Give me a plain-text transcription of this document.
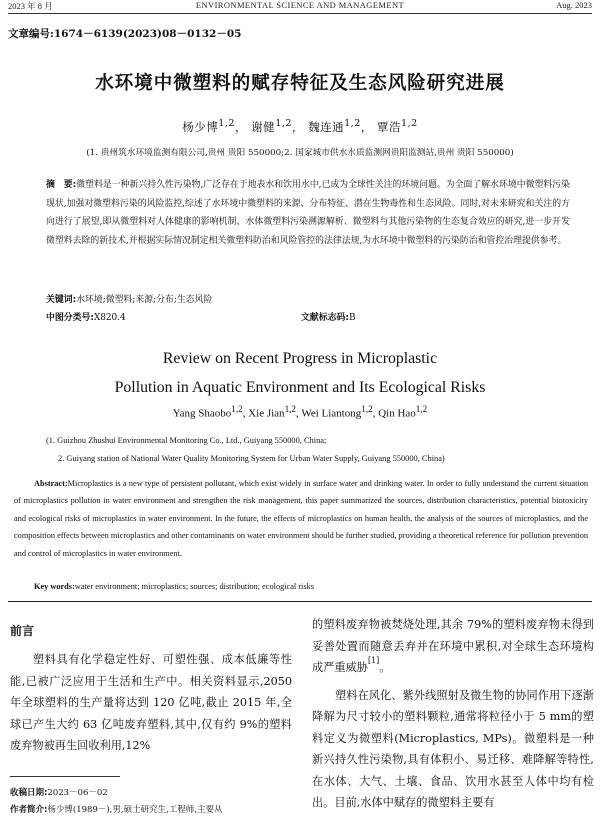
2023 年 8 月	ENVIRONMENTAL SCIENCE AND MANAGEMENT	Aug. 2023
文章编号:1674－6139(2023)08－0132－05
水环境中微塑料的赋存特征及生态风险研究进展
杨少博$^{1,2}$， 谢健$^{1,2}$， 魏连通$^{1,2}$， 覃浩$^{1,2}$
(1. 贵州筑水环境监测有限公司,贵州 贵阳 550000;2. 国家城市供水水质监测网贵阳监测站,贵州 贵阳 550000)
摘　要:微塑料是一种新兴持久性污染物,广泛存在于地表水和饮用水中,已成为全球性关注的环境问题。为全面了解水环境中微塑料污染现状,加强对微塑料污染的风险监控,综述了水环境中微塑料的来源、分布特征、潜在生物毒性和生态风险。同时,对未来研究和关注的方向进行了展望,即从微塑料对人体健康的影响机制、水体微塑料污染溯源解析、微塑料与其他污染物的生态复合效应的研究,进一步开发微塑料去除的新技术,并根据实际情况制定相关微塑料防治和风险管控的法律法规,为水环境中微塑料的污染防治和管控治理提供参考。
关键词:水环境;微塑料;来源;分布;生态风险
中图分类号:X820.4	文献标志码:B
Review on Recent Progress in Microplastic
Pollution in Aquatic Environment and Its Ecological Risks
Yang Shaobo$^{1,2}$, Xie Jian$^{1,2}$, Wei Liantong$^{1,2}$, Qin Hao$^{1,2}$
(1. Guizhou Zhushui Environmental Monitoring Co., Ltd., Guiyang 550000, China;
2. Guiyang station of National Water Quality Monitoring System for Urban Water Supply, Guiyang 550000, China)
Abstract:Microplastics is a new type of persistent pollutant, which exist widely in surface water and drinking water. In order to fully understand the current situation of microplastics pollution in water environment and strengthen the risk management, this paper summarized the sources, distribution characteristics, potential biotoxicity and ecological risks of microplastics in water environment. In the future, the effects of microplastics on human health, the analysis of the sources of microplastics, and the composition effects between microplastics and other contaminants on water environment should be further studied, providing a theoretical reference for pollution prevention and control of microplastics in water environment.
Key words:water environment; microplastics; sources; distribution; ecological risks
前言
塑料具有化学稳定性好、可塑性强、成本低廉等性能,已被广泛应用于生活和生产中。相关资料显示,2050 年全球塑料的生产量将达到 120 亿吨,截止 2015 年,全球已产生大约 63 亿吨废弃塑料,其中,仅有约 9%的塑料废弃物被再生回收利用,12%
的塑料废弃物被焚烧处理,其余 79%的塑料废弃物未得到妥善处置而随意丢弃并在环境中累积,对全球生态环境构成严重威胁[1]。
塑料在风化、紫外线照射及微生物的协同作用下逐渐降解为尺寸较小的塑料颗粒,通常将粒径小于 5 mm的塑料定义为微塑料(Microplastics, MPs)。微塑料是一种新兴持久性污染物,具有体积小、易迁移、难降解等特性,在水体、大气、土壤、食品、饮用水甚至人体中均有检出。目前,水体中赋存的微塑料主要有
收稿日期:2023－06－02
作者简介:杨少博(1989－),男,硕士研究生,工程师,主要从
